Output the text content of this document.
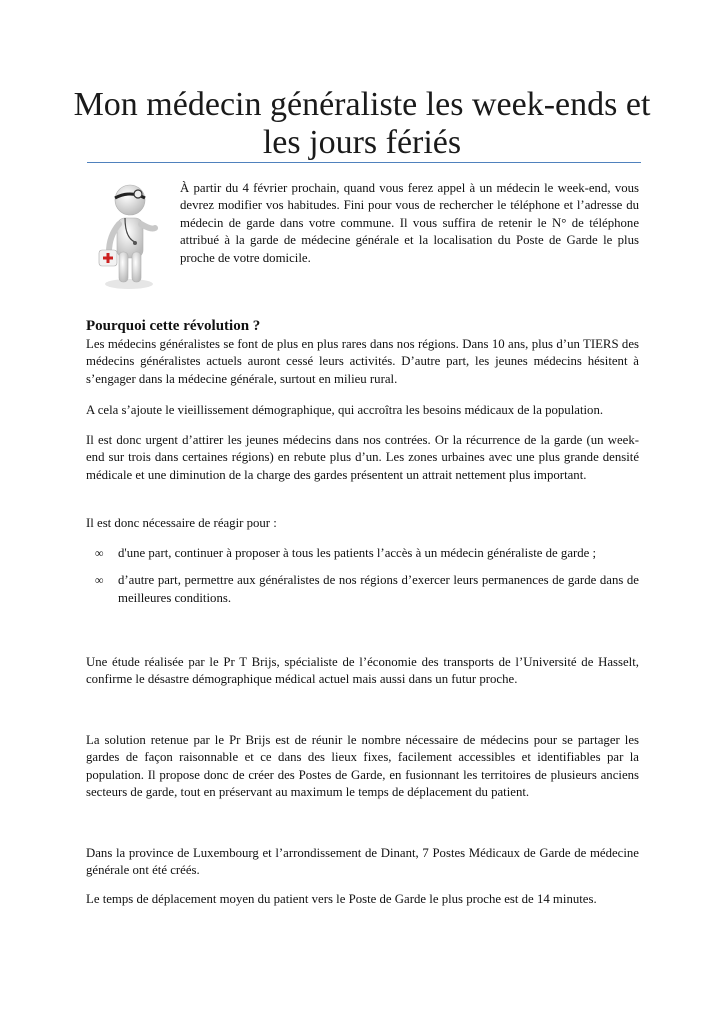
Mon médecin généraliste les week-ends et les jours fériés

À partir du 4 février prochain, quand vous ferez appel à un médecin le week-end, vous devrez modifier vos habitudes. Fini pour vous de rechercher le téléphone et l’adresse du médecin de garde dans votre commune. Il vous suffira de retenir le N° de téléphone attribué à la garde de médecine générale et la localisation du Poste de Garde le plus proche de votre domicile.

Pourquoi cette révolution ?

Les médecins généralistes se font de plus en plus rares dans nos régions. Dans 10 ans, plus d’un TIERS des médecins généralistes actuels auront cessé leurs activités. D’autre part, les jeunes médecins hésitent à s’engager dans la médecine générale, surtout en milieu rural.

A cela s’ajoute le vieillissement démographique, qui accroîtra les besoins médicaux de la population.

Il est donc urgent d’attirer les jeunes médecins dans nos contrées. Or la récurrence de la garde (un week-end sur trois dans certaines régions) en rebute plus d’un. Les zones urbaines avec une plus grande densité médicale et une diminution de la charge des gardes présentent un attrait nettement plus important.

Il est donc nécessaire de réagir pour :

∞ d'une part, continuer à proposer à tous les patients l’accès à un médecin généraliste de garde ;
∞ d’autre part, permettre aux généralistes de nos régions d’exercer leurs permanences de garde dans de meilleures conditions.

Une étude réalisée par le Pr T Brijs, spécialiste de l’économie des transports de l’Université de Hasselt, confirme le désastre démographique médical actuel mais aussi dans un futur proche.

La solution retenue par le Pr Brijs est de réunir le nombre nécessaire de médecins pour se partager les gardes de façon raisonnable et ce dans des lieux fixes, facilement accessibles et identifiables par la population. Il propose donc de créer des Postes de Garde, en fusionnant les territoires de plusieurs anciens secteurs de garde, tout en préservant au maximum le temps de déplacement du patient.

Dans la province de Luxembourg et l’arrondissement de Dinant, 7 Postes Médicaux de Garde de médecine générale ont été créés.

Le temps de déplacement moyen du patient vers le Poste de Garde le plus proche est de 14 minutes.
